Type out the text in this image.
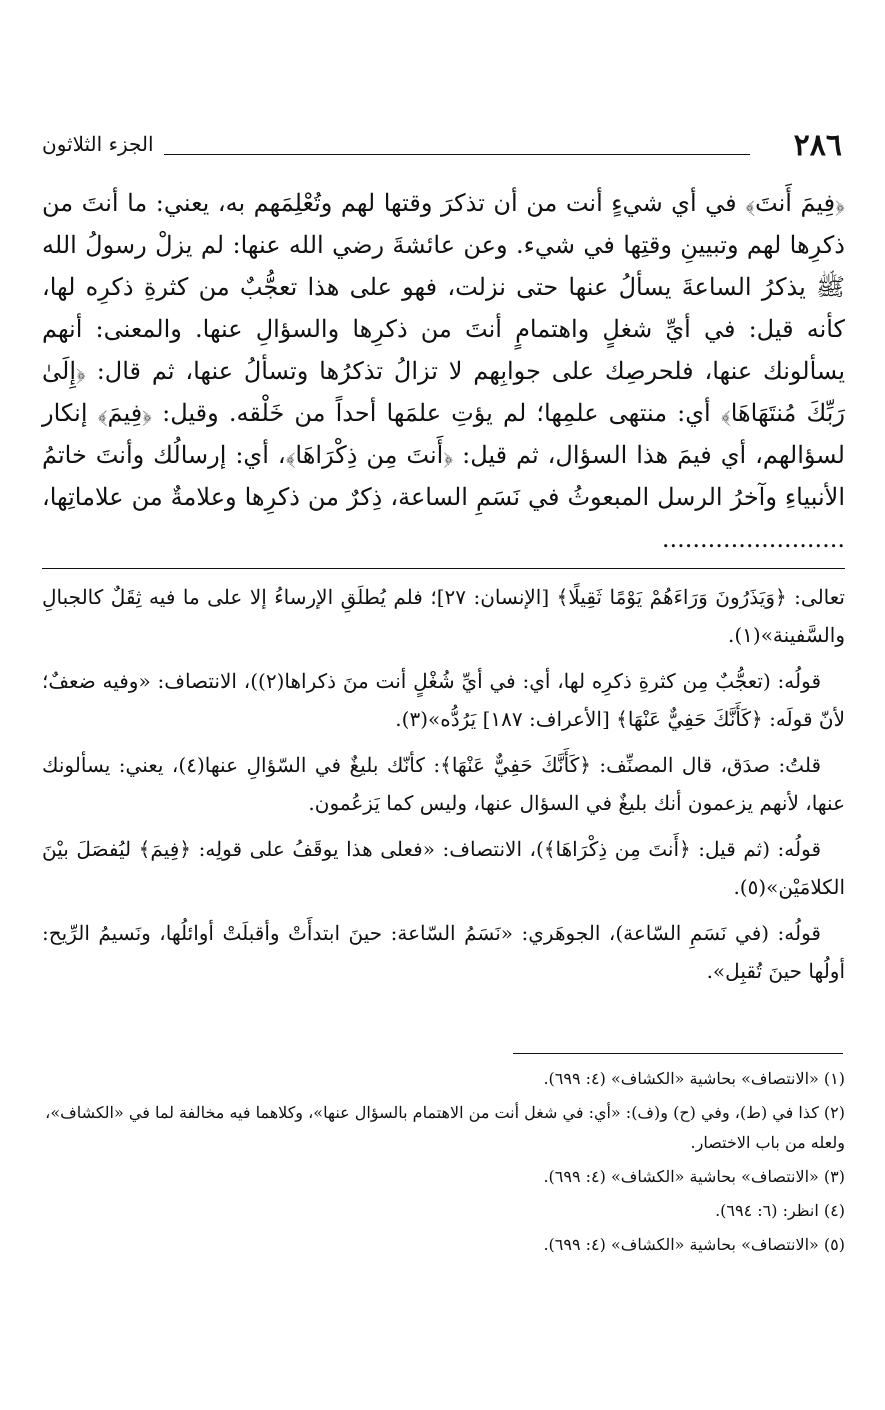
٢٨٦
الجزء الثلاثون

﴿فِيمَ أَنتَ﴾ في أي شيءٍ أنت من أن تذكرَ وقتها لهم وتُعْلِمَهم به، يعني: ما أنتَ من ذكرِها لهم وتبيينِ وقتِها في شيء. وعن عائشةَ رضي الله عنها: لم يزلْ رسولُ الله ﷺ يذكرُ الساعةَ يسألُ عنها حتى نزلت، فهو على هذا تعجُّبٌ من كثرةِ ذكرِه لها، كأنه قيل: في أيِّ شغلٍ واهتمامٍ أنتَ من ذكرِها والسؤالِ عنها. والمعنى: أنهم يسألونك عنها، فلحرصِك على جوابِهم لا تزالُ تذكرُها وتسألُ عنها، ثم قال: ﴿إِلَىٰ رَبِّكَ مُنتَهَاهَا﴾ أي: منتهى علمِها؛ لم يؤتِ علمَها أحداً من خَلْقه. وقيل: ﴿فِيمَ﴾ إنكار لسؤالهم، أي فيمَ هذا السؤال، ثم قيل: ﴿أَنتَ مِن ذِكْرَاهَا﴾، أي: إرسالُك وأنتَ خاتمُ الأنبياءِ وآخرُ الرسل المبعوثُ في نَسَمِ الساعة، ذِكرٌ من ذكرِها وعلامةٌ من علاماتِها، ........................

تعالى: ﴿وَيَذَرُونَ وَرَاءَهُمْ يَوْمًا ثَقِيلًا﴾ [الإنسان: ٢٧]؛ فلم يُطلَقِ الإرساءُ إلا على ما فيه ثِقَلٌ كالجبالِ والسَّفينة»(١).

قولُه: (تعجُّبٌ مِن كثرةِ ذكرِه لها، أي: في أيِّ شُغْلٍ أنت منَ ذكراها(٢))، الانتصاف: «وفيه ضعفٌ؛ لأنّ قولَه: ﴿كَأَنَّكَ حَفِيٌّ عَنْهَا﴾ [الأعراف: ١٨٧] يَرُدُّه»(٣).

قلتُ: صدَق، قال المصنِّف: ﴿كَأَنَّكَ حَفِيٌّ عَنْهَا﴾: كأنّك بليغٌ في السّؤالِ عنها(٤)، يعني: يسألونك عنها، لأنهم يزعمون أنك بليغٌ في السؤال عنها، وليس كما يَزعُمون.

قولُه: (ثم قيل: ﴿أَنتَ مِن ذِكْرَاهَا﴾)، الانتصاف: «فعلى هذا يوقَفُ على قولِه: ﴿فِيمَ﴾ ليُفصَلَ بيْنَ الكلامَيْن»(٥).

قولُه: (في نَسَمِ السّاعة)، الجوهَري: «نَسَمُ السّاعة: حينَ ابتدأَتْ وأقبلَتْ أوائلُها، ونَسيمُ الرِّيح: أولُها حينَ تُقبِل».

(١) «الانتصاف» بحاشية «الكشاف» (٤: ٦٩٩).
(٢) كذا في (ط)، وفي (ح) و(ف): «أي: في شغل أنت من الاهتمام بالسؤال عنها»، وكلاهما فيه مخالفة لما في «الكشاف»، ولعله من باب الاختصار.
(٣) «الانتصاف» بحاشية «الكشاف» (٤: ٦٩٩).
(٤) انظر: (٦: ٦٩٤).
(٥) «الانتصاف» بحاشية «الكشاف» (٤: ٦٩٩).
